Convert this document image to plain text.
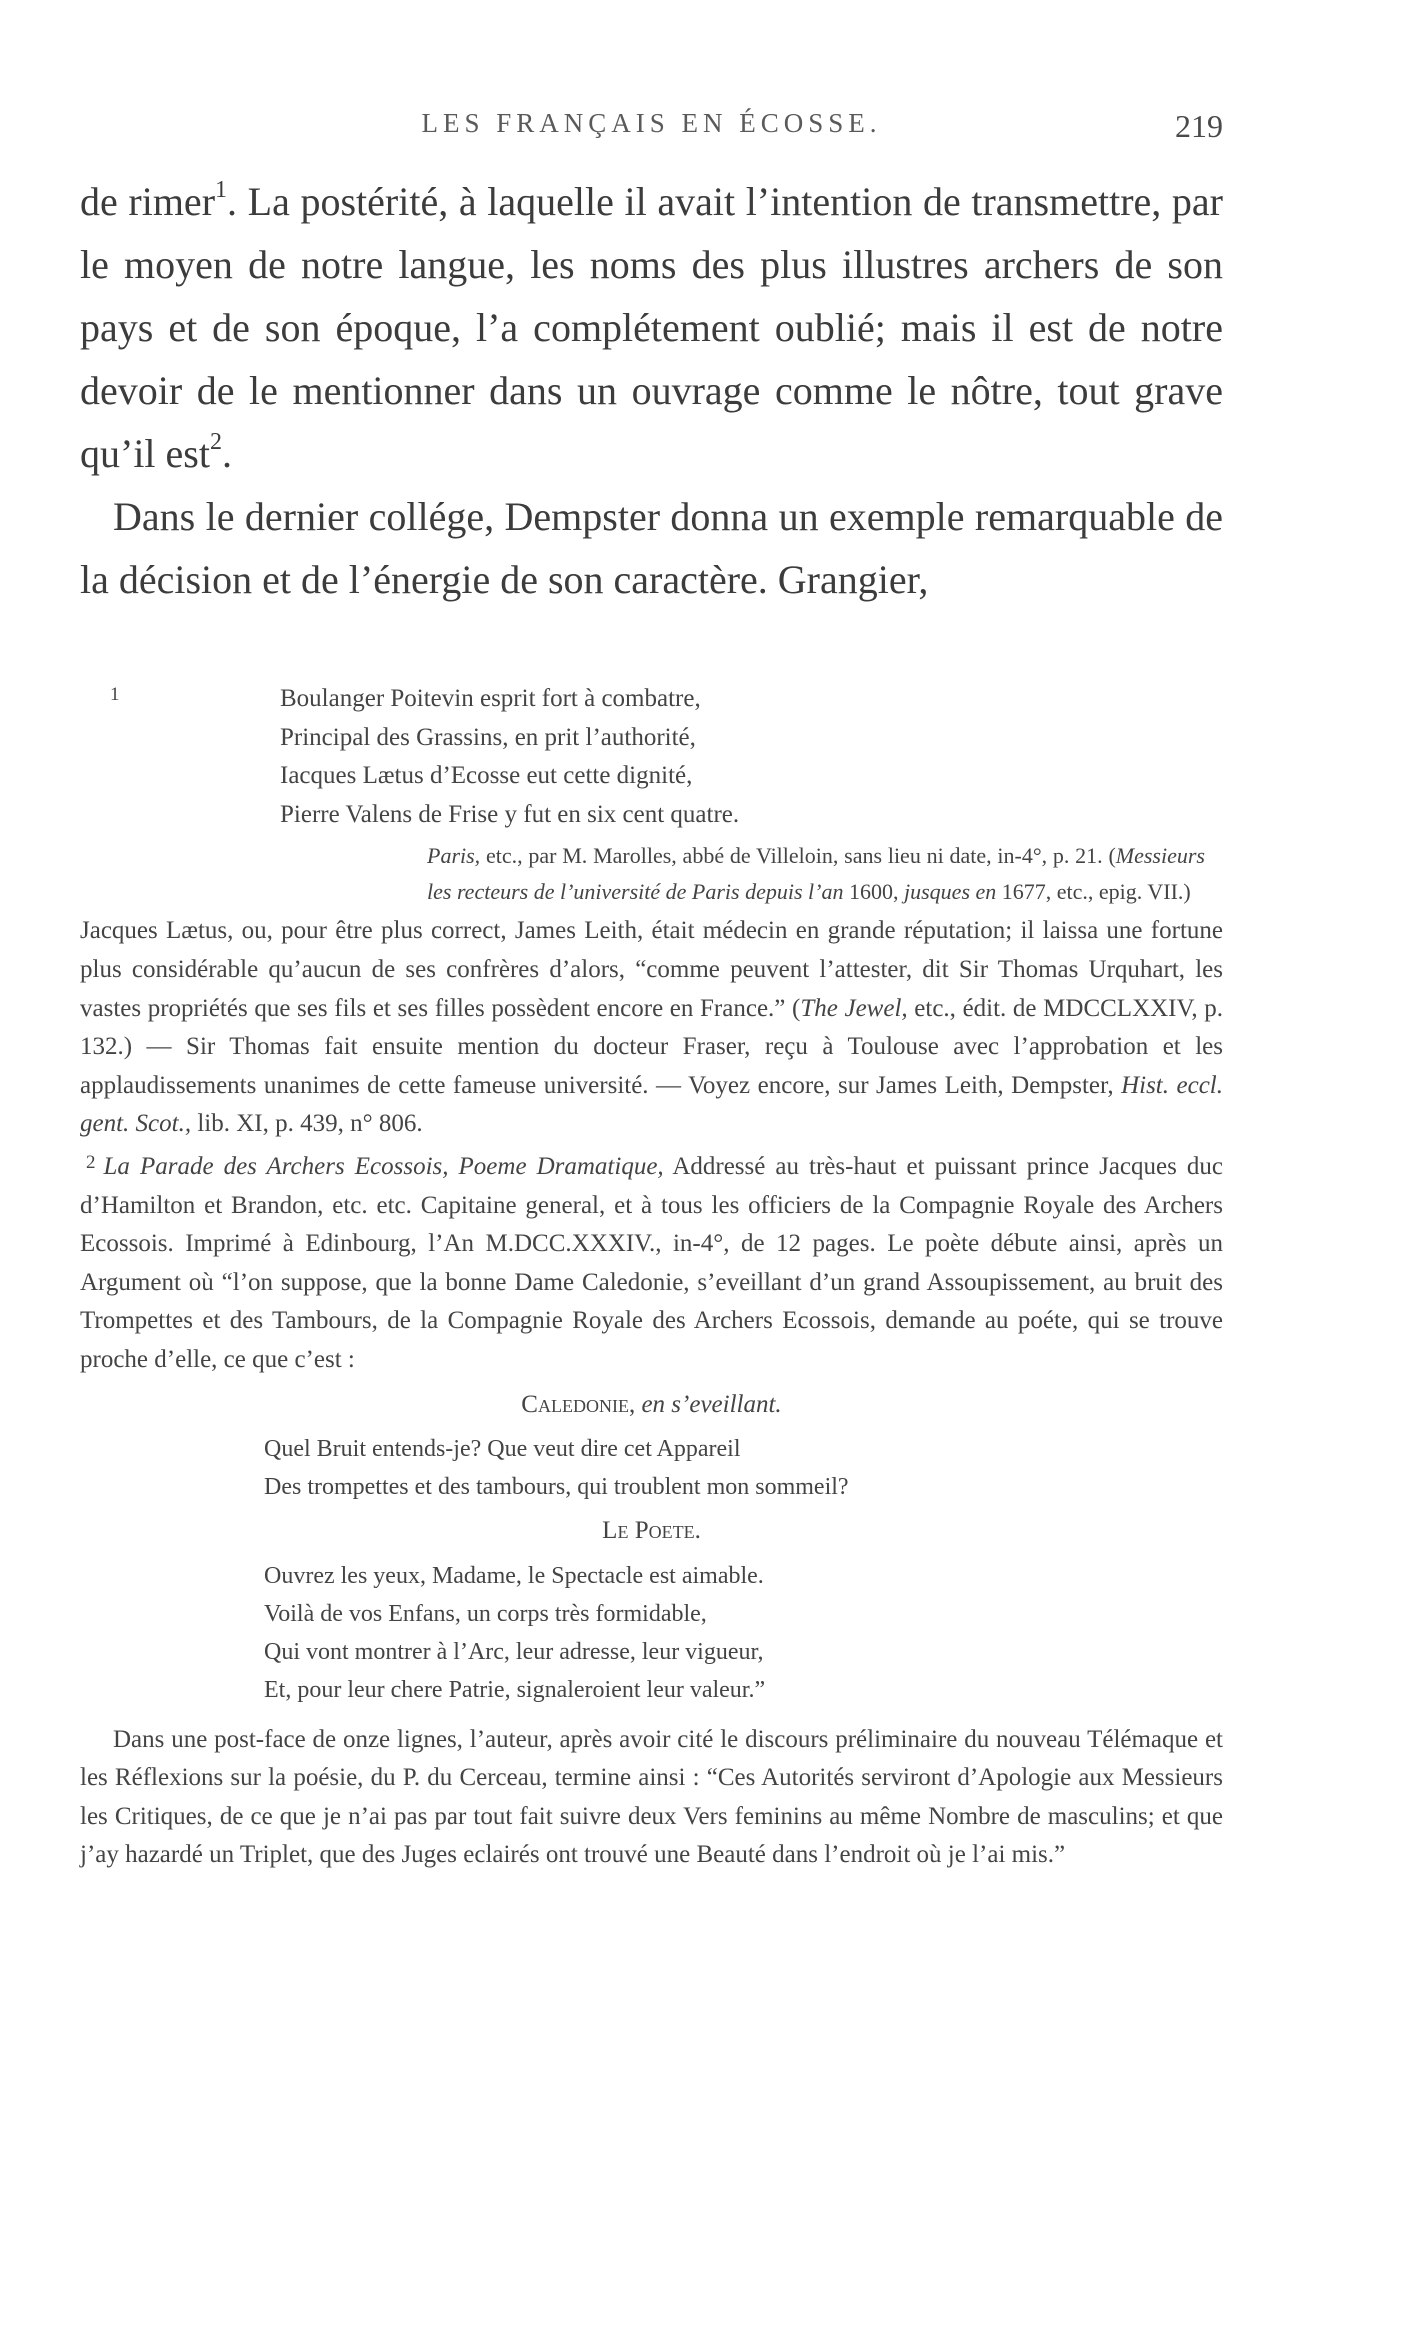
LES FRANÇAIS EN ÉCOSSE.	219

de rimer$^1$. La postérité, à laquelle il avait l’intention de transmettre, par le moyen de notre langue, les noms des plus illustres archers de son pays et de son époque, l’a complétement oublié; mais il est de notre devoir de le mentionner dans un ouvrage comme le nôtre, tout grave qu’il est$^2$.

Dans le dernier collége, Dempster donna un exemple remarquable de la décision et de l’énergie de son caractère. Grangier,

1	Boulanger Poitevin esprit fort à combatre,
Principal des Grassins, en prit l’authorité,
Iacques Lætus d’Ecosse eut cette dignité,
Pierre Valens de Frise y fut en six cent quatre.
Paris, etc., par M. Marolles, abbé de Villeloin, sans lieu ni date, in-4°, p. 21. (Messieurs les recteurs de l’université de Paris depuis l’an 1600, jusques en 1677, etc., epig. VII.)

Jacques Lætus, ou, pour être plus correct, James Leith, était médecin en grande réputation; il laissa une fortune plus considérable qu’aucun de ses confrères d’alors, “comme peuvent l’attester, dit Sir Thomas Urquhart, les vastes propriétés que ses fils et ses filles possèdent encore en France.” (The Jewel, etc., édit. de MDCCLXXIV, p. 132.) — Sir Thomas fait ensuite mention du docteur Fraser, reçu à Toulouse avec l’approbation et les applaudissements unanimes de cette fameuse université. — Voyez encore, sur James Leith, Dempster, Hist. eccl. gent. Scot., lib. XI, p. 439, n° 806.

$^2$ La Parade des Archers Ecossois, Poeme Dramatique, Addressé au très-haut et puissant prince Jacques duc d’Hamilton et Brandon, etc. etc. Capitaine general, et à tous les officiers de la Compagnie Royale des Archers Ecossois. Imprimé à Edinbourg, l’An M.DCC.XXXIV., in-4°, de 12 pages. Le poète débute ainsi, après un Argument où “l’on suppose, que la bonne Dame Caledonie, s’eveillant d’un grand Assoupissement, au bruit des Trompettes et des Tambours, de la Compagnie Royale des Archers Ecossois, demande au poéte, qui se trouve proche d’elle, ce que c’est :

Caledonie, en s’eveillant.
Quel Bruit entends-je? Que veut dire cet Appareil
Des trompettes et des tambours, qui troublent mon sommeil?
Le Poete.
Ouvrez les yeux, Madame, le Spectacle est aimable.
Voilà de vos Enfans, un corps très formidable,
Qui vont montrer à l’Arc, leur adresse, leur vigueur,
Et, pour leur chere Patrie, signaleroient leur valeur.”

Dans une post-face de onze lignes, l’auteur, après avoir cité le discours préliminaire du nouveau Télémaque et les Réflexions sur la poésie, du P. du Cerceau, termine ainsi : “Ces Autorités serviront d’Apologie aux Messieurs les Critiques, de ce que je n’ai pas par tout fait suivre deux Vers feminins au même Nombre de masculins; et que j’ay hazardé un Triplet, que des Juges eclairés ont trouvé une Beauté dans l’endroit où je l’ai mis.”
